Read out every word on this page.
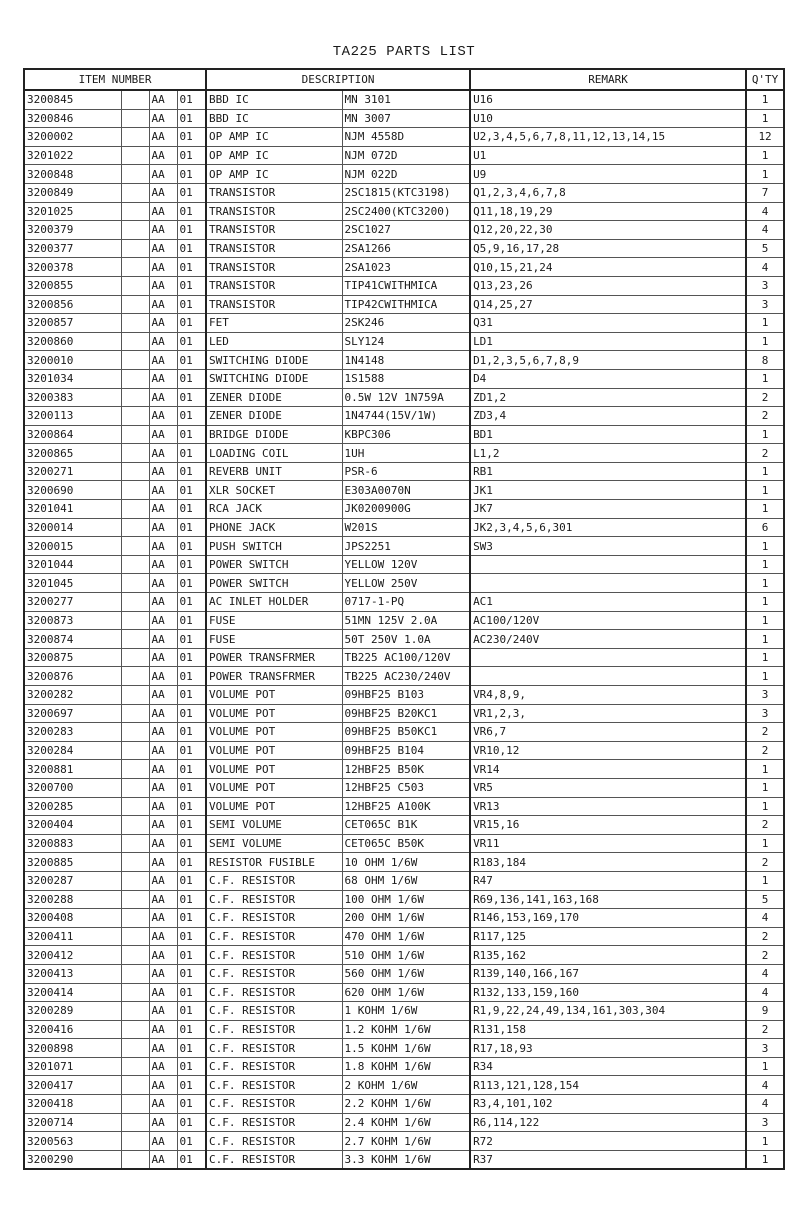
TA225 PARTS LIST
ITEM NUMBER				DESCRIPTION		REMARK	Q'TY
3200845		AA	01	BBD IC	MN 3101	U16	1
3200846		AA	01	BBD IC	MN 3007	U10	1
3200002		AA	01	OP AMP IC	NJM 4558D	U2,3,4,5,6,7,8,11,12,13,14,15	12
3201022		AA	01	OP AMP IC	NJM 072D	U1	1
3200848		AA	01	OP AMP IC	NJM 022D	U9	1
3200849		AA	01	TRANSISTOR	2SC1815(KTC3198)	Q1,2,3,4,6,7,8	7
3201025		AA	01	TRANSISTOR	2SC2400(KTC3200)	Q11,18,19,29	4
3200379		AA	01	TRANSISTOR	2SC1027	Q12,20,22,30	4
3200377		AA	01	TRANSISTOR	2SA1266	Q5,9,16,17,28	5
3200378		AA	01	TRANSISTOR	2SA1023	Q10,15,21,24	4
3200855		AA	01	TRANSISTOR	TIP41CWITHMICA	Q13,23,26	3
3200856		AA	01	TRANSISTOR	TIP42CWITHMICA	Q14,25,27	3
3200857		AA	01	FET	2SK246	Q31	1
3200860		AA	01	LED	SLY124	LD1	1
3200010		AA	01	SWITCHING DIODE	1N4148	D1,2,3,5,6,7,8,9	8
3201034		AA	01	SWITCHING DIODE	1S1588	D4	1
3200383		AA	01	ZENER DIODE	0.5W 12V 1N759A	ZD1,2	2
3200113		AA	01	ZENER DIODE	1N4744(15V/1W)	ZD3,4	2
3200864		AA	01	BRIDGE DIODE	KBPC306	BD1	1
3200865		AA	01	LOADING COIL	1UH	L1,2	2
3200271		AA	01	REVERB UNIT	PSR-6	RB1	1
3200690		AA	01	XLR SOCKET	E303A0070N	JK1	1
3201041		AA	01	RCA JACK	JK0200900G	JK7	1
3200014		AA	01	PHONE JACK	W201S	JK2,3,4,5,6,301	6
3200015		AA	01	PUSH SWITCH	JPS2251	SW3	1
3201044		AA	01	POWER SWITCH	YELLOW 120V		1
3201045		AA	01	POWER SWITCH	YELLOW 250V		1
3200277		AA	01	AC INLET HOLDER	0717-1-PQ	AC1	1
3200873		AA	01	FUSE	51MN 125V 2.0A	AC100/120V	1
3200874		AA	01	FUSE	50T 250V 1.0A	AC230/240V	1
3200875		AA	01	POWER TRANSFRMER	TB225 AC100/120V		1
3200876		AA	01	POWER TRANSFRMER	TB225 AC230/240V		1
3200282		AA	01	VOLUME POT	09HBF25 B103	VR4,8,9,	3
3200697		AA	01	VOLUME POT	09HBF25 B20KC1	VR1,2,3,	3
3200283		AA	01	VOLUME POT	09HBF25 B50KC1	VR6,7	2
3200284		AA	01	VOLUME POT	09HBF25 B104	VR10,12	2
3200881		AA	01	VOLUME POT	12HBF25 B50K	VR14	1
3200700		AA	01	VOLUME POT	12HBF25 C503	VR5	1
3200285		AA	01	VOLUME POT	12HBF25 A100K	VR13	1
3200404		AA	01	SEMI VOLUME	CET065C B1K	VR15,16	2
3200883		AA	01	SEMI VOLUME	CET065C B50K	VR11	1
3200885		AA	01	RESISTOR FUSIBLE	10 OHM 1/6W	R183,184	2
3200287		AA	01	C.F. RESISTOR	68 OHM 1/6W	R47	1
3200288		AA	01	C.F. RESISTOR	100 OHM 1/6W	R69,136,141,163,168	5
3200408		AA	01	C.F. RESISTOR	200 OHM 1/6W	R146,153,169,170	4
3200411		AA	01	C.F. RESISTOR	470 OHM 1/6W	R117,125	2
3200412		AA	01	C.F. RESISTOR	510 OHM 1/6W	R135,162	2
3200413		AA	01	C.F. RESISTOR	560 OHM 1/6W	R139,140,166,167	4
3200414		AA	01	C.F. RESISTOR	620 OHM 1/6W	R132,133,159,160	4
3200289		AA	01	C.F. RESISTOR	1 KOHM 1/6W	R1,9,22,24,49,134,161,303,304	9
3200416		AA	01	C.F. RESISTOR	1.2 KOHM 1/6W	R131,158	2
3200898		AA	01	C.F. RESISTOR	1.5 KOHM 1/6W	R17,18,93	3
3201071		AA	01	C.F. RESISTOR	1.8 KOHM 1/6W	R34	1
3200417		AA	01	C.F. RESISTOR	2 KOHM 1/6W	R113,121,128,154	4
3200418		AA	01	C.F. RESISTOR	2.2 KOHM 1/6W	R3,4,101,102	4
3200714		AA	01	C.F. RESISTOR	2.4 KOHM 1/6W	R6,114,122	3
3200563		AA	01	C.F. RESISTOR	2.7 KOHM 1/6W	R72	1
3200290		AA	01	C.F. RESISTOR	3.3 KOHM 1/6W	R37	1
